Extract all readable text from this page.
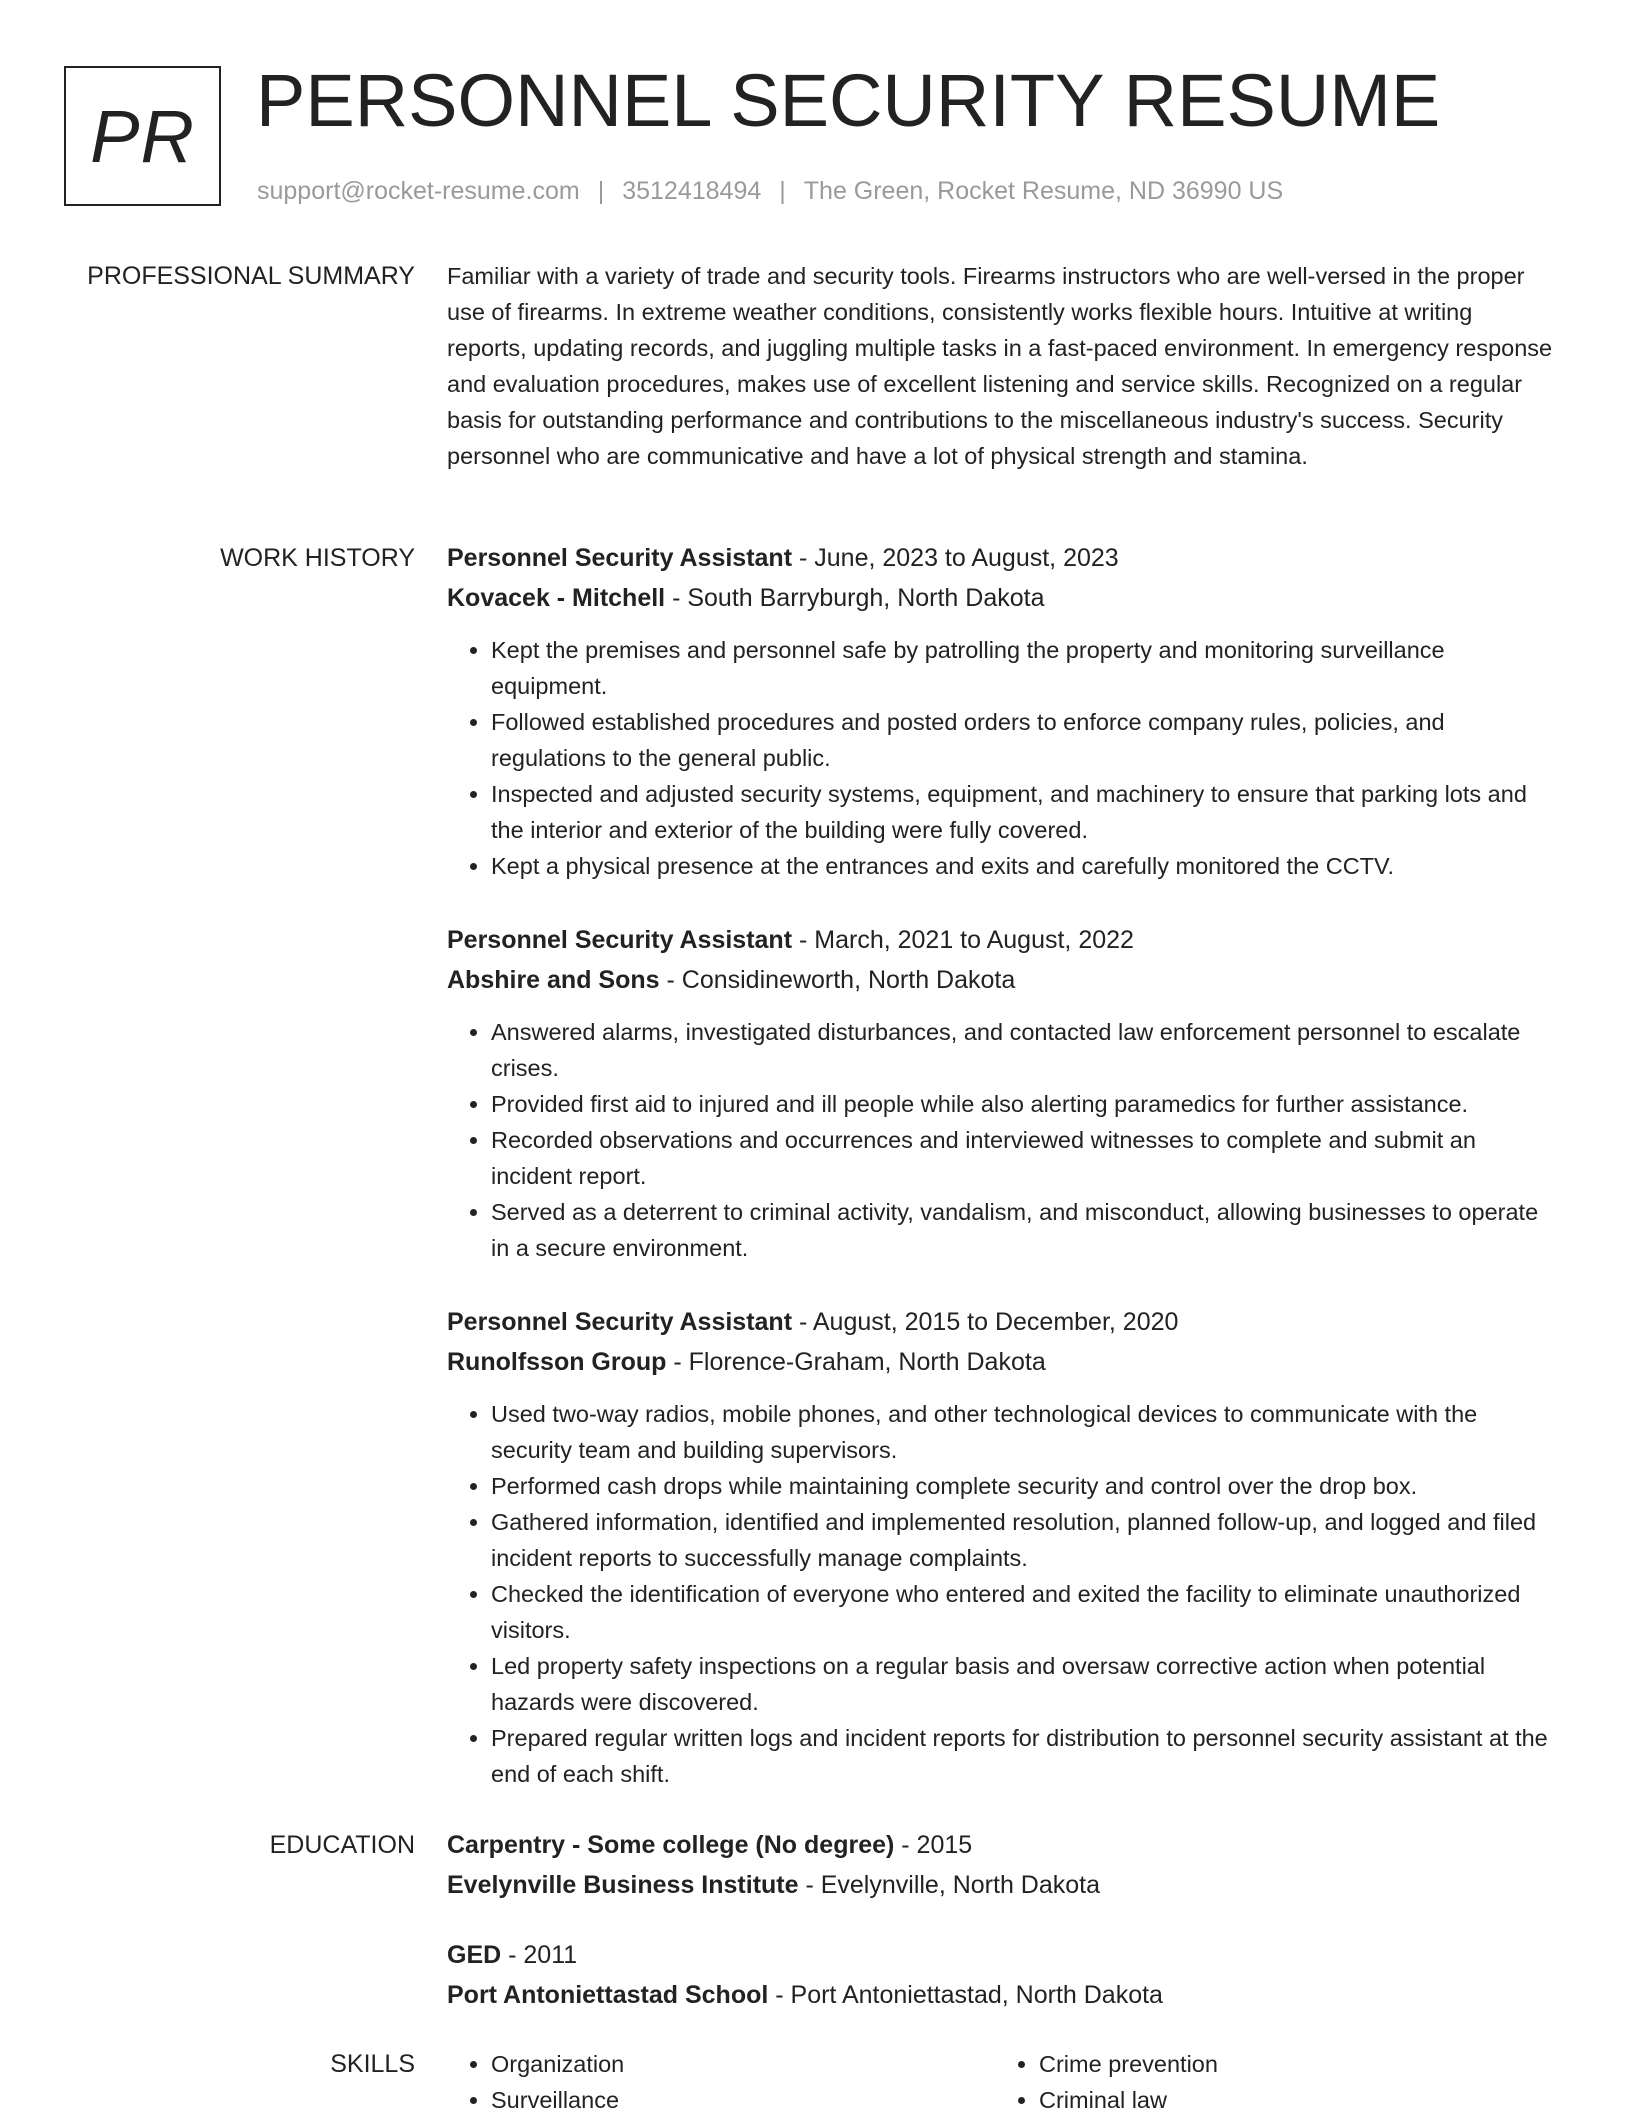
PR PERSONNEL SECURITY RESUME
support@rocket-resume.com | 3512418494 | The Green, Rocket Resume, ND 36990 US
PROFESSIONAL SUMMARY Familiar with a variety of trade and security tools. Firearms instructors who are well-versed in the proper use of firearms. In extreme weather conditions, consistently works flexible hours. Intuitive at writing reports, updating records, and juggling multiple tasks in a fast-paced environment. In emergency response and evaluation procedures, makes use of excellent listening and service skills. Recognized on a regular basis for outstanding performance and contributions to the miscellaneous industry's success. Security personnel who are communicative and have a lot of physical strength and stamina.

WORK HISTORY Personnel Security Assistant - June, 2023 to August, 2023
Kovacek - Mitchell - South Barryburgh, North Dakota
• Kept the premises and personnel safe by patrolling the property and monitoring surveillance equipment.
• Followed established procedures and posted orders to enforce company rules, policies, and regulations to the general public.
• Inspected and adjusted security systems, equipment, and machinery to ensure that parking lots and the interior and exterior of the building were fully covered.
• Kept a physical presence at the entrances and exits and carefully monitored the CCTV.
Personnel Security Assistant - March, 2021 to August, 2022
Abshire and Sons - Considineworth, North Dakota
• Answered alarms, investigated disturbances, and contacted law enforcement personnel to escalate crises.
• Provided first aid to injured and ill people while also alerting paramedics for further assistance.
• Recorded observations and occurrences and interviewed witnesses to complete and submit an incident report.
• Served as a deterrent to criminal activity, vandalism, and misconduct, allowing businesses to operate in a secure environment.
Personnel Security Assistant - August, 2015 to December, 2020
Runolfsson Group - Florence-Graham, North Dakota
• Used two-way radios, mobile phones, and other technological devices to communicate with the security team and building supervisors.
• Performed cash drops while maintaining complete security and control over the drop box.
• Gathered information, identified and implemented resolution, planned follow-up, and logged and filed incident reports to successfully manage complaints.
• Checked the identification of everyone who entered and exited the facility to eliminate unauthorized visitors.
• Led property safety inspections on a regular basis and oversaw corrective action when potential hazards were discovered.
• Prepared regular written logs and incident reports for distribution to personnel security assistant at the end of each shift.
EDUCATION Carpentry - Some college (No degree) - 2015
Evelynville Business Institute - Evelynville, North Dakota
GED - 2011
Port Antoniettastad School - Port Antoniettastad, North Dakota
SKILLS
•	Organization
• Surveillance
• Crime prevention
• Criminal law
